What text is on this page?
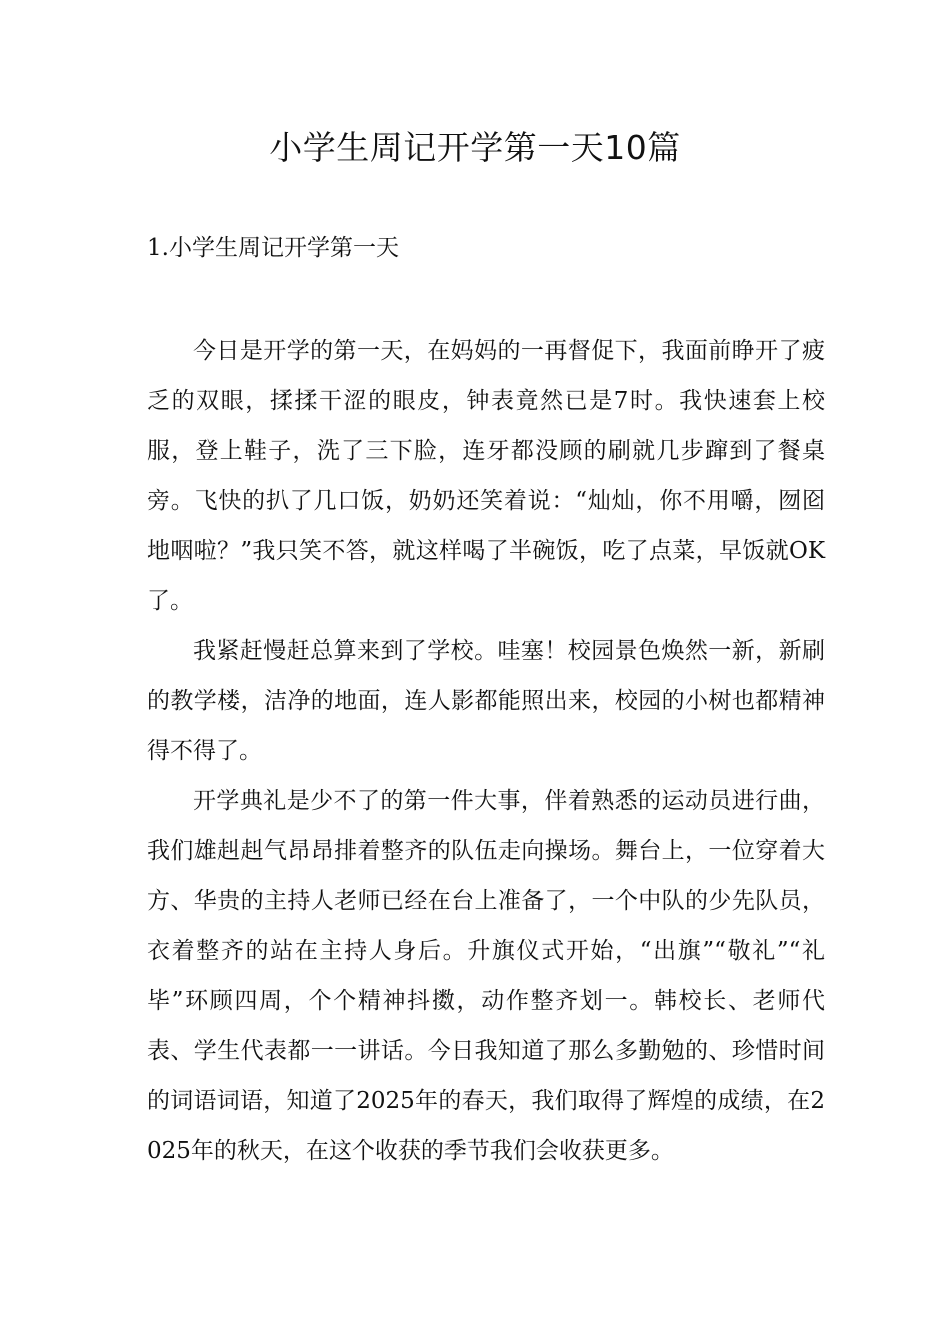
小学生周记开学第一天10篇
1.小学生周记开学第一天

今日是开学的第一天，在妈妈的一再督促下，我面前睁开了疲乏的双眼，揉揉干涩的眼皮，钟表竟然已是7时。我快速套上校服，登上鞋子，洗了三下脸，连牙都没顾的刷就几步蹿到了餐桌旁。飞快的扒了几口饭，奶奶还笑着说：“灿灿，你不用嚼，囫囵地咽啦？”我只笑不答，就这样喝了半碗饭，吃了点菜，早饭就OK了。

我紧赶慢赶总算来到了学校。哇塞！校园景色焕然一新，新刷的教学楼，洁净的地面，连人影都能照出来，校园的小树也都精神得不得了。

开学典礼是少不了的第一件大事，伴着熟悉的运动员进行曲，我们雄赳赳气昂昂排着整齐的队伍走向操场。舞台上，一位穿着大方、华贵的主持人老师已经在台上准备了，一个中队的少先队员，衣着整齐的站在主持人身后。升旗仪式开始，“出旗”“敬礼”“礼毕”环顾四周，个个精神抖擞，动作整齐划一。韩校长、老师代表、学生代表都一一讲话。今日我知道了那么多勤勉的、珍惜时间的词语词语，知道了2025年的春天，我们取得了辉煌的成绩，在2025年的秋天，在这个收获的季节我们会收获更多。
